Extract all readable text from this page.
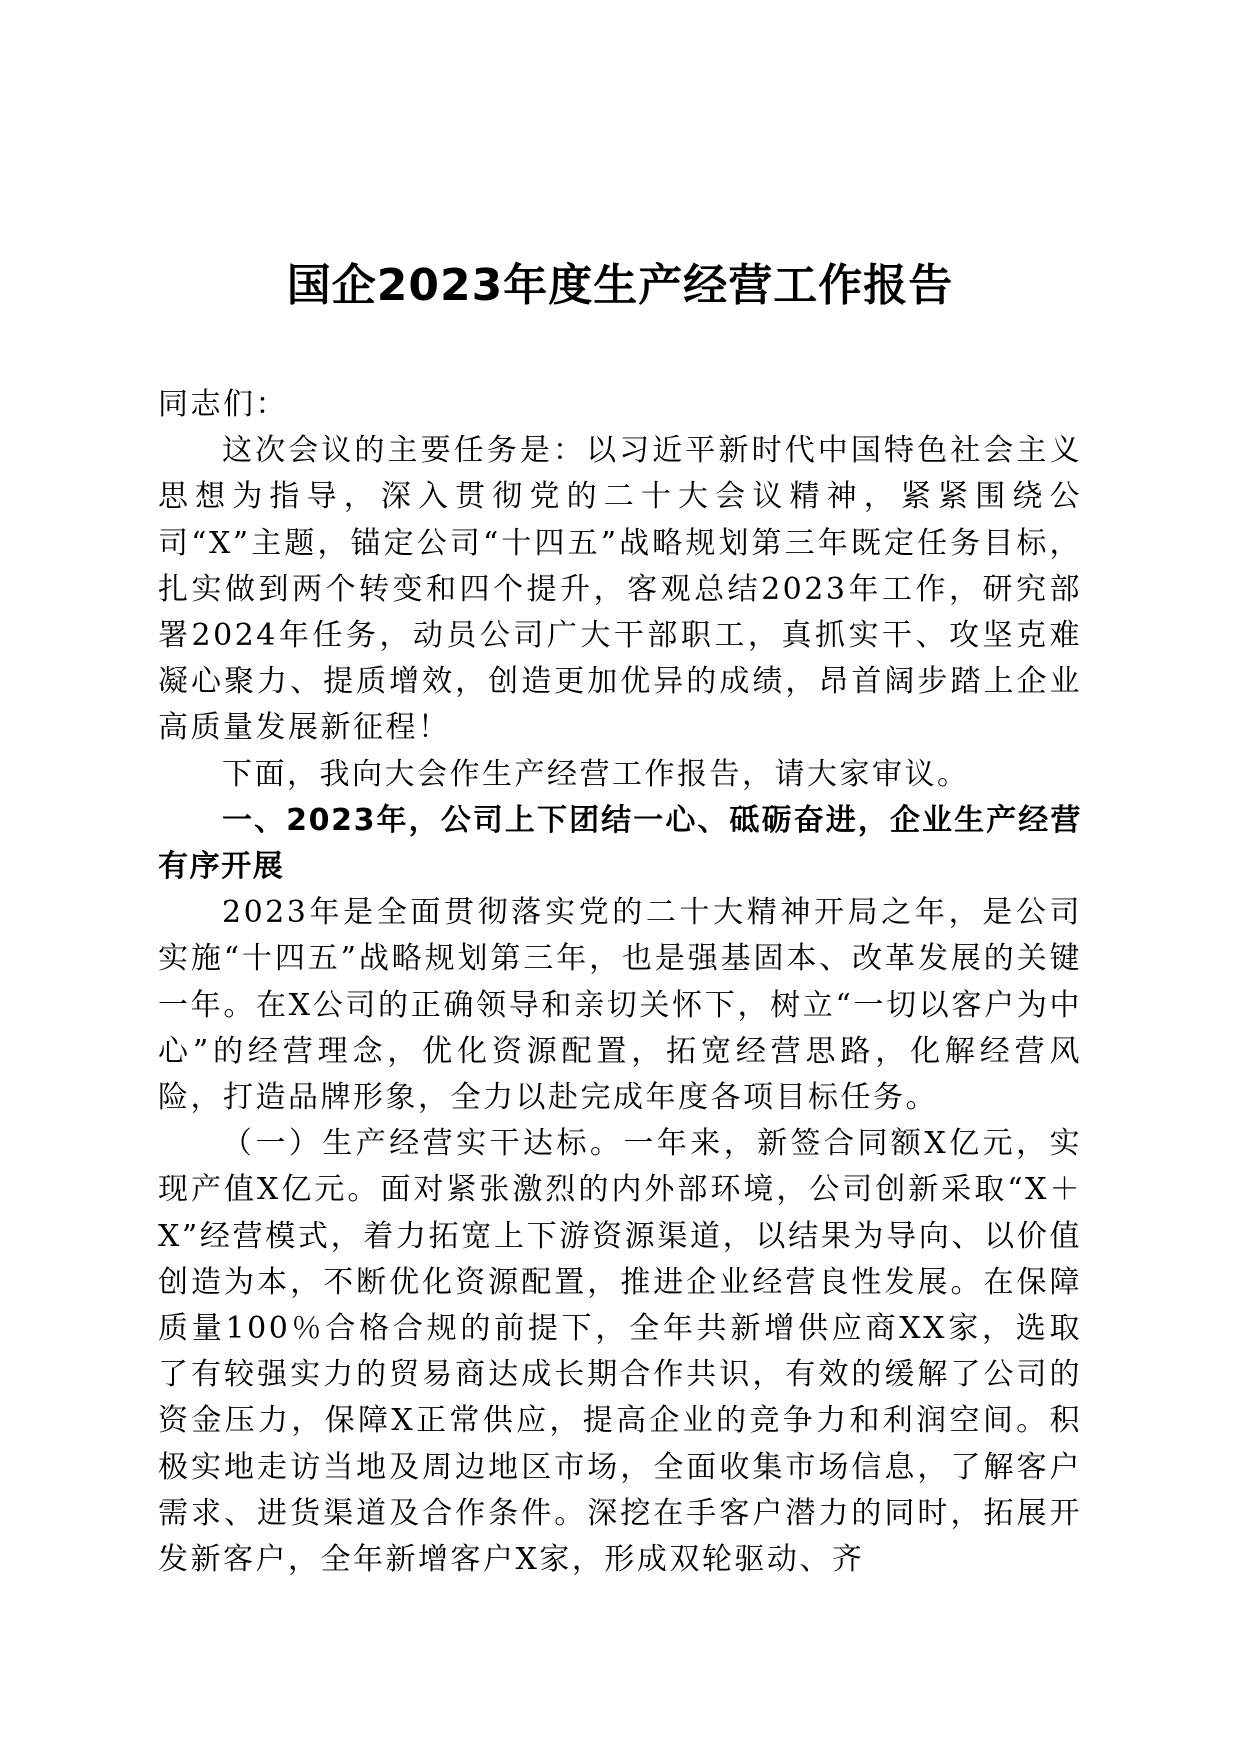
国企2023年度生产经营工作报告

同志们：

这次会议的主要任务是：以习近平新时代中国特色社会主义思想为指导，深入贯彻党的二十大会议精神，紧紧围绕公司“X”主题，锚定公司“十四五”战略规划第三年既定任务目标，扎实做到两个转变和四个提升，客观总结2023年工作，研究部署2024年任务，动员公司广大干部职工，真抓实干、攻坚克难凝心聚力、提质增效，创造更加优异的成绩，昂首阔步踏上企业高质量发展新征程！

下面，我向大会作生产经营工作报告，请大家审议。

一、2023年，公司上下团结一心、砥砺奋进，企业生产经营有序开展

2023年是全面贯彻落实党的二十大精神开局之年，是公司实施“十四五”战略规划第三年，也是强基固本、改革发展的关键一年。在X公司的正确领导和亲切关怀下，树立“一切以客户为中心”的经营理念，优化资源配置，拓宽经营思路，化解经营风险，打造品牌形象，全力以赴完成年度各项目标任务。

（一）生产经营实干达标。一年来，新签合同额X亿元，实现产值X亿元。面对紧张激烈的内外部环境，公司创新采取“X＋X”经营模式，着力拓宽上下游资源渠道，以结果为导向、以价值创造为本，不断优化资源配置，推进企业经营良性发展。在保障质量100％合格合规的前提下，全年共新增供应商XX家，选取了有较强实力的贸易商达成长期合作共识，有效的缓解了公司的资金压力，保障X正常供应，提高企业的竞争力和利润空间。积极实地走访当地及周边地区市场，全面收集市场信息，了解客户需求、进货渠道及合作条件。深挖在手客户潜力的同时，拓展开发新客户，全年新增客户X家，形成双轮驱动、齐
